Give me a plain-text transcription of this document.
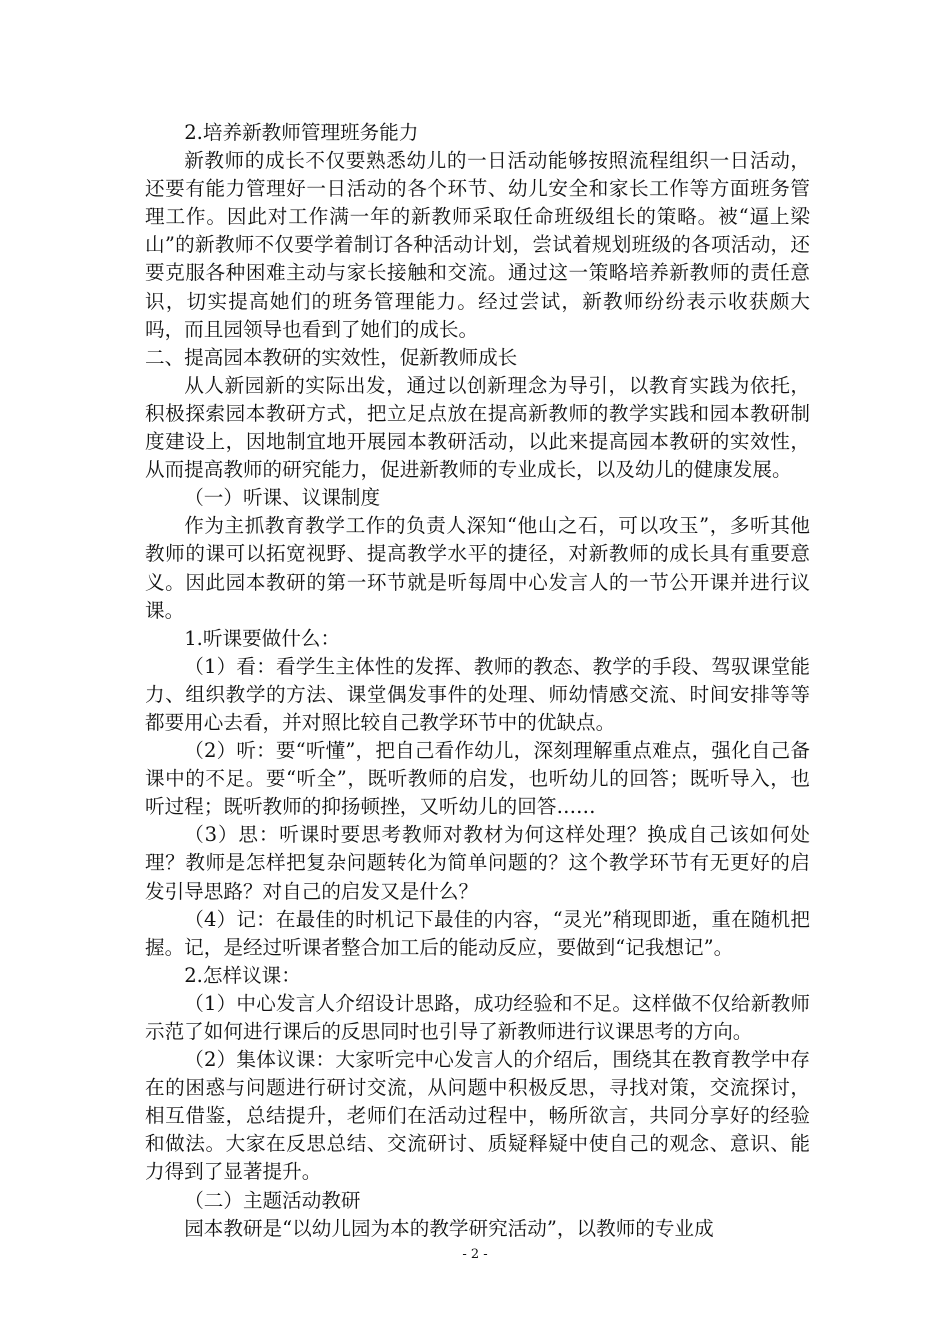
2.培养新教师管理班务能力

新教师的成长不仅要熟悉幼儿的一日活动能够按照流程组织一日活动，还要有能力管理好一日活动的各个环节、幼儿安全和家长工作等方面班务管理工作。因此对工作满一年的新教师采取任命班级组长的策略。被“逼上梁山”的新教师不仅要学着制订各种活动计划，尝试着规划班级的各项活动，还要克服各种困难主动与家长接触和交流。通过这一策略培养新教师的责任意识，切实提高她们的班务管理能力。经过尝试，新教师纷纷表示收获颇大吗，而且园领导也看到了她们的成长。

二、提高园本教研的实效性，促新教师成长

从人新园新的实际出发，通过以创新理念为导引，以教育实践为依托，积极探索园本教研方式，把立足点放在提高新教师的教学实践和园本教研制度建设上，因地制宜地开展园本教研活动，以此来提高园本教研的实效性，从而提高教师的研究能力，促进新教师的专业成长，以及幼儿的健康发展。

（一）听课、议课制度

作为主抓教育教学工作的负责人深知“他山之石，可以攻玉”，多听其他教师的课可以拓宽视野、提高教学水平的捷径，对新教师的成长具有重要意义。因此园本教研的第一环节就是听每周中心发言人的一节公开课并进行议课。

1.听课要做什么：

（1）看：看学生主体性的发挥、教师的教态、教学的手段、驾驭课堂能力、组织教学的方法、课堂偶发事件的处理、师幼情感交流、时间安排等等都要用心去看，并对照比较自己教学环节中的优缺点。

（2）听：要“听懂”，把自己看作幼儿，深刻理解重点难点，强化自己备课中的不足。要“听全”，既听教师的启发，也听幼儿的回答；既听导入，也听过程；既听教师的抑扬顿挫，又听幼儿的回答……

（3）思：听课时要思考教师对教材为何这样处理？换成自己该如何处理？教师是怎样把复杂问题转化为简单问题的？这个教学环节有无更好的启发引导思路？对自己的启发又是什么？

（4）记：在最佳的时机记下最佳的内容，“灵光”稍现即逝，重在随机把握。记，是经过听课者整合加工后的能动反应，要做到“记我想记”。

2.怎样议课：

（1）中心发言人介绍设计思路，成功经验和不足。这样做不仅给新教师示范了如何进行课后的反思同时也引导了新教师进行议课思考的方向。

（2）集体议课：大家听完中心发言人的介绍后，围绕其在教育教学中存在的困惑与问题进行研讨交流，从问题中积极反思，寻找对策，交流探讨，相互借鉴，总结提升，老师们在活动过程中，畅所欲言，共同分享好的经验和做法。大家在反思总结、交流研讨、质疑释疑中使自己的观念、意识、能力得到了显著提升。

（二）主题活动教研

园本教研是“以幼儿园为本的教学研究活动”，以教师的专业成

- 2 -
